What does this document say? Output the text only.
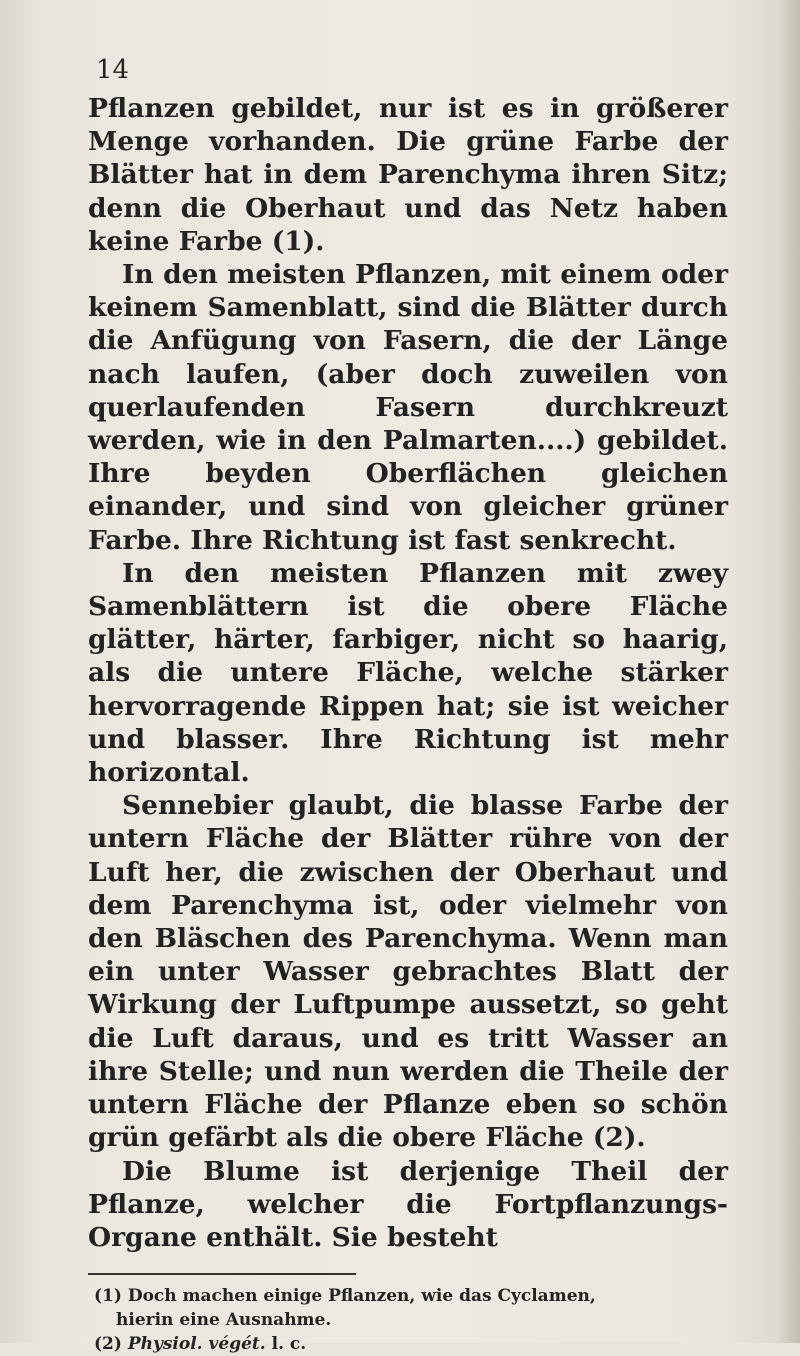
14

Pflanzen gebildet, nur ist es in größerer Menge vorhanden. Die grüne Farbe der Blätter hat in dem Parenchyma ihren Sitz; denn die Oberhaut und das Netz haben keine Farbe (1).

In den meisten Pflanzen, mit einem oder keinem Samenblatt, sind die Blätter durch die Anfügung von Fasern, die der Länge nach laufen, (aber doch zuweilen von querlaufenden Fasern durchkreuzt werden, wie in den Palmarten....) gebildet. Ihre beyden Oberflächen gleichen einander, und sind von gleicher grüner Farbe. Ihre Richtung ist fast senkrecht.

In den meisten Pflanzen mit zwey Samenblättern ist die obere Fläche glätter, härter, farbiger, nicht so haarig, als die untere Fläche, welche stärker hervorragende Rippen hat; sie ist weicher und blasser. Ihre Richtung ist mehr horizontal.

Sennebier glaubt, die blasse Farbe der untern Fläche der Blätter rühre von der Luft her, die zwischen der Oberhaut und dem Parenchyma ist, oder vielmehr von den Bläschen des Parenchyma. Wenn man ein unter Wasser gebrachtes Blatt der Wirkung der Luftpumpe aussetzt, so geht die Luft daraus, und es tritt Wasser an ihre Stelle; und nun werden die Theile der untern Fläche der Pflanze eben so schön grün gefärbt als die obere Fläche (2).

Die Blume ist derjenige Theil der Pflanze, welcher die Fortpflanzungs-Organe enthält. Sie besteht

(1) Doch machen einige Pflanzen, wie das Cyclamen,

hierin eine Ausnahme.

(2) Physiol. végét. l. c.
